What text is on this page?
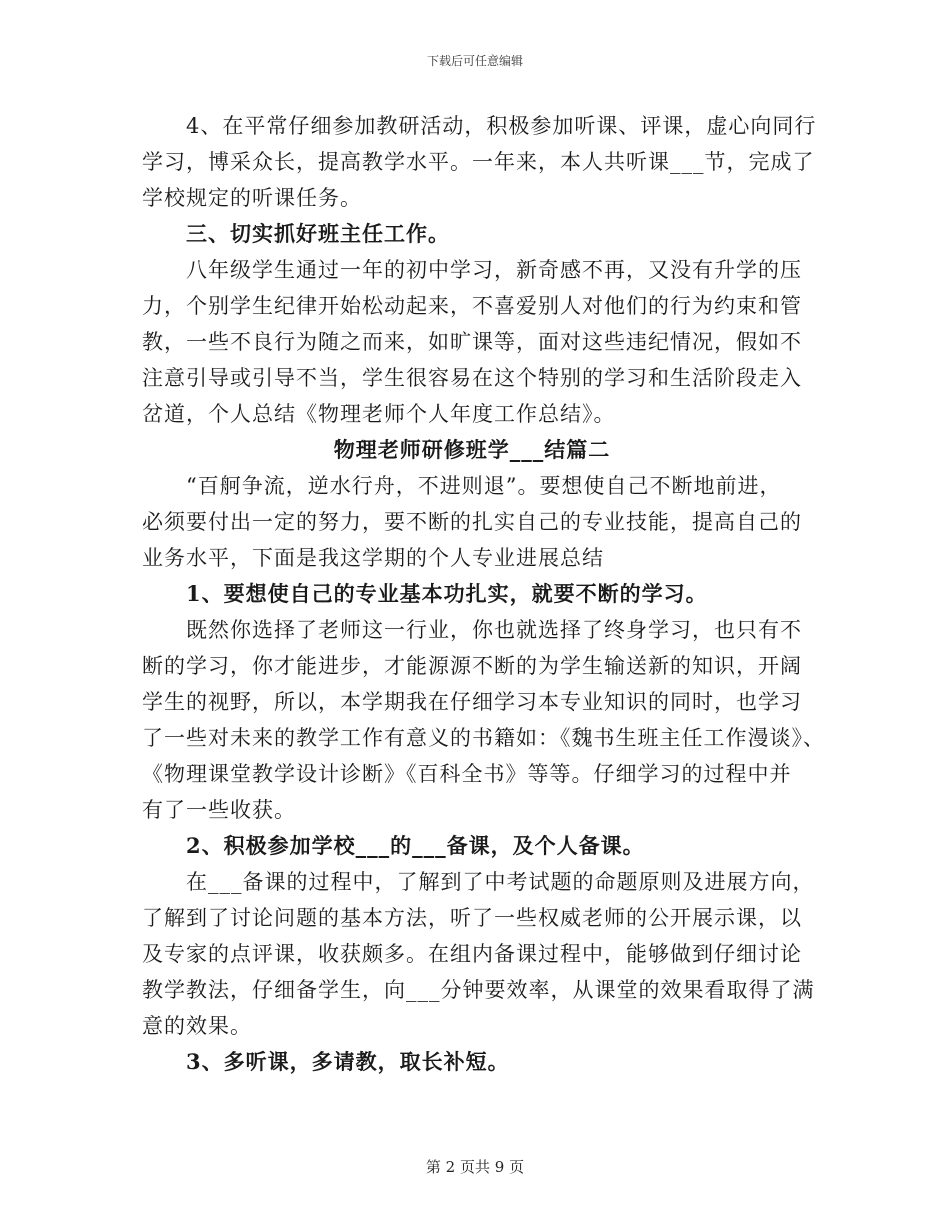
下载后可任意编辑
4、在平常仔细参加教研活动，积极参加听课、评课，虚心向同行
学习，博采众长，提高教学水平。一年来，本人共听课___节，完成了
学校规定的听课任务。
三、切实抓好班主任工作。
八年级学生通过一年的初中学习，新奇感不再，又没有升学的压
力，个别学生纪律开始松动起来，不喜爱别人对他们的行为约束和管
教，一些不良行为随之而来，如旷课等，面对这些违纪情况，假如不
注意引导或引导不当，学生很容易在这个特别的学习和生活阶段走入
岔道，个人总结《物理老师个人年度工作总结》。
物理老师研修班学___结篇二
“百舸争流，逆水行舟，不进则退”。要想使自己不断地前进，
必须要付出一定的努力，要不断的扎实自己的专业技能，提高自己的
业务水平，下面是我这学期的个人专业进展总结
1、要想使自己的专业基本功扎实，就要不断的学习。
既然你选择了老师这一行业，你也就选择了终身学习，也只有不
断的学习，你才能进步，才能源源不断的为学生输送新的知识，开阔
学生的视野，所以，本学期我在仔细学习本专业知识的同时，也学习
了一些对未来的教学工作有意义的书籍如：《魏书生班主任工作漫谈》、
《物理课堂教学设计诊断》《百科全书》等等。仔细学习的过程中并
有了一些收获。
2、积极参加学校___的___备课，及个人备课。
在___备课的过程中，了解到了中考试题的命题原则及进展方向，
了解到了讨论问题的基本方法，听了一些权威老师的公开展示课，以
及专家的点评课，收获颇多。在组内备课过程中，能够做到仔细讨论
教学教法，仔细备学生，向___分钟要效率，从课堂的效果看取得了满
意的效果。
3、多听课，多请教，取长补短。
第 2 页共 9 页
